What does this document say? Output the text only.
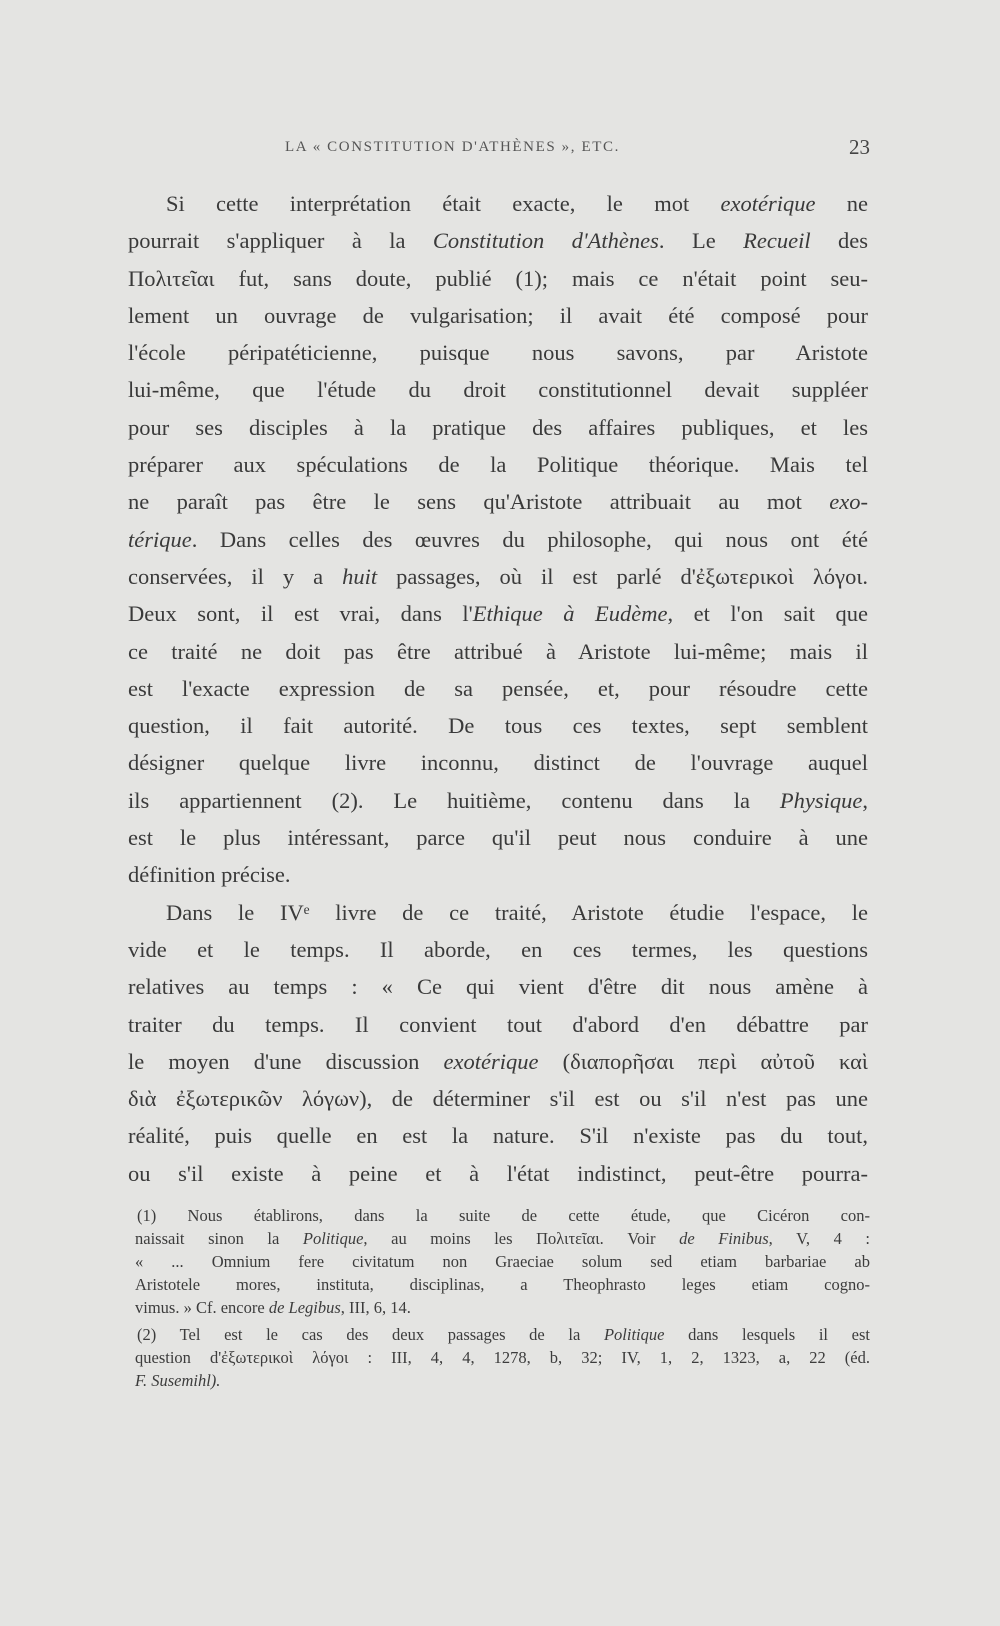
LA « CONSTITUTION D'ATHÈNES », ETC.	23
Si cette interprétation était exacte, le mot exotérique ne
pourrait s'appliquer à la Constitution d'Athènes. Le Recueil des
Πολιτεῖαι fut, sans doute, publié (1); mais ce n'était point seu-
lement un ouvrage de vulgarisation; il avait été composé pour
l'école péripatéticienne, puisque nous savons, par Aristote
lui-même, que l'étude du droit constitutionnel devait suppléer
pour ses disciples à la pratique des affaires publiques, et les
préparer aux spéculations de la Politique théorique. Mais tel
ne paraît pas être le sens qu'Aristote attribuait au mot exo-
térique. Dans celles des œuvres du philosophe, qui nous ont été
conservées, il y a huit passages, où il est parlé d'ἐξωτερικοὶ λόγοι.
Deux sont, il est vrai, dans l'Ethique à Eudème, et l'on sait que
ce traité ne doit pas être attribué à Aristote lui-même; mais il
est l'exacte expression de sa pensée, et, pour résoudre cette
question, il fait autorité. De tous ces textes, sept semblent
désigner quelque livre inconnu, distinct de l'ouvrage auquel
ils appartiennent (2). Le huitième, contenu dans la Physique,
est le plus intéressant, parce qu'il peut nous conduire à une
définition précise.
Dans le IVᵉ livre de ce traité, Aristote étudie l'espace, le
vide et le temps. Il aborde, en ces termes, les questions
relatives au temps : « Ce qui vient d'être dit nous amène à
traiter du temps. Il convient tout d'abord d'en débattre par
le moyen d'une discussion exotérique (διαπορῆσαι περὶ αὐτοῦ καὶ
διὰ ἐξωτερικῶν λόγων), de déterminer s'il est ou s'il n'est pas une
réalité, puis quelle en est la nature. S'il n'existe pas du tout,
ou s'il existe à peine et à l'état indistinct, peut-être pourra-
(1) Nous établirons, dans la suite de cette étude, que Cicéron con-
naissait sinon la Politique, au moins les Πολιτεῖαι. Voir de Finibus, V, 4 :
« ... Omnium fere civitatum non Graeciae solum sed etiam barbariae ab
Aristotele mores, instituta, disciplinas, a Theophrasto leges etiam cogno-
vimus. » Cf. encore de Legibus, III, 6, 14.
(2) Tel est le cas des deux passages de la Politique dans lesquels il est
question d'ἐξωτερικοὶ λόγοι : III, 4, 4, 1278, b, 32; IV, 1, 2, 1323, a, 22 (éd.
F. Susemihl).
